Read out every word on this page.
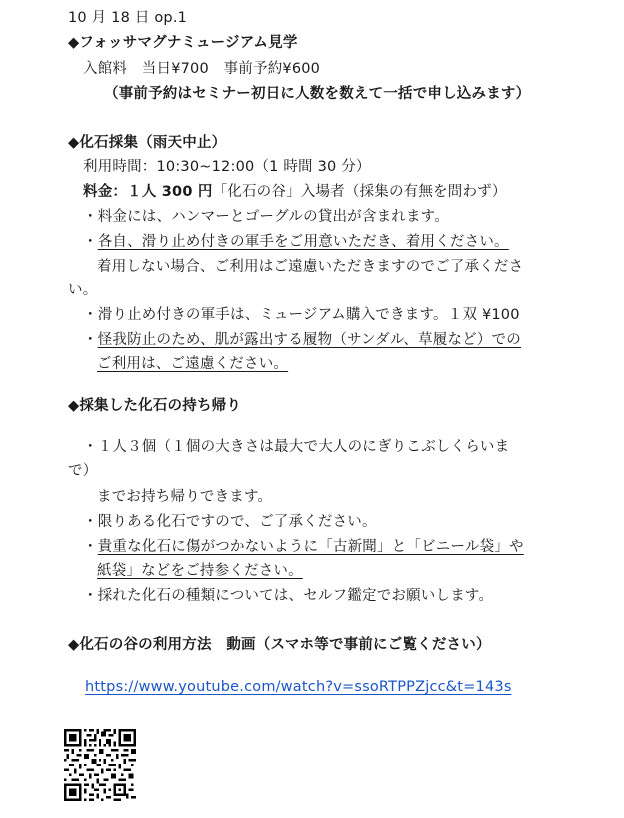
10 月 18 日 op.1
◆フォッサマグナミュージアム見学
入館料　当日¥700　事前予約¥600
（事前予約はセミナー初日に人数を数えて一括で申し込みます）
◆化石採集（雨天中止）
利用時間：10:30~12:00（1 時間 30 分）
料金：１人 300 円「化石の谷」入場者（採集の有無を問わず）
・料金には、ハンマーとゴーグルの貸出が含まれます。
・各自、滑り止め付きの軍手をご用意いただき、着用ください。
着用しない場合、ご利用はご遠慮いただきますのでご了承くださ
い。
・滑り止め付きの軍手は、ミュージアム購入できます。１双 ¥100
・怪我防止のため、肌が露出する履物（サンダル、草履など）での
ご利用は、ご遠慮ください。
◆採集した化石の持ち帰り
・１人３個（１個の大きさは最大で大人のにぎりこぶしくらいま
で）
までお持ち帰りできます。
・限りある化石ですので、ご了承ください。
・貴重な化石に傷がつかないように「古新聞」と「ビニール袋」や
紙袋」などをご持参ください。
・採れた化石の種類については、セルフ鑑定でお願いします。
◆化石の谷の利用方法　動画（スマホ等で事前にご覧ください）
https://www.youtube.com/watch?v=ssoRTPPZjcc&t=143s
